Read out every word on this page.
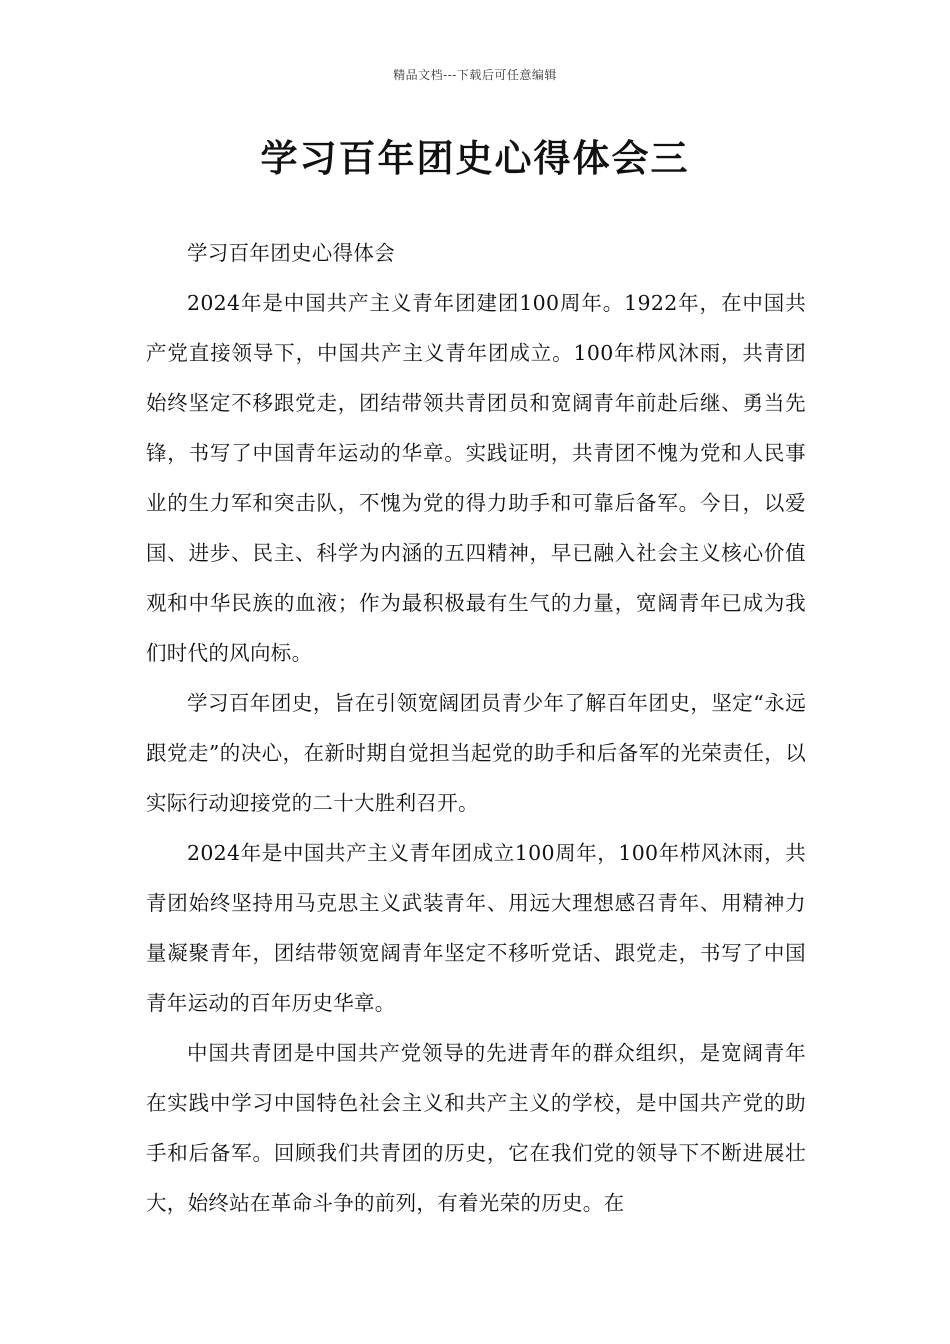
精品文档---下载后可任意编辑
学习百年团史心得体会三

学习百年团史心得体会

2024年是中国共产主义青年团建团100周年。1922年，在中国共产党直接领导下，中国共产主义青年团成立。100年栉风沐雨，共青团始终坚定不移跟党走，团结带领共青团员和宽阔青年前赴后继、勇当先锋，书写了中国青年运动的华章。实践证明，共青团不愧为党和人民事业的生力军和突击队，不愧为党的得力助手和可靠后备军。今日，以爱国、进步、民主、科学为内涵的五四精神，早已融入社会主义核心价值观和中华民族的血液；作为最积极最有生气的力量，宽阔青年已成为我们时代的风向标。

学习百年团史，旨在引领宽阔团员青少年了解百年团史，坚定“永远跟党走”的决心，在新时期自觉担当起党的助手和后备军的光荣责任，以实际行动迎接党的二十大胜利召开。

2024年是中国共产主义青年团成立100周年，100年栉风沐雨，共青团始终坚持用马克思主义武装青年、用远大理想感召青年、用精神力量凝聚青年，团结带领宽阔青年坚定不移听党话、跟党走，书写了中国青年运动的百年历史华章。

中国共青团是中国共产党领导的先进青年的群众组织，是宽阔青年在实践中学习中国特色社会主义和共产主义的学校，是中国共产党的助手和后备军。回顾我们共青团的历史，它在我们党的领导下不断进展壮大，始终站在革命斗争的前列，有着光荣的历史。在
